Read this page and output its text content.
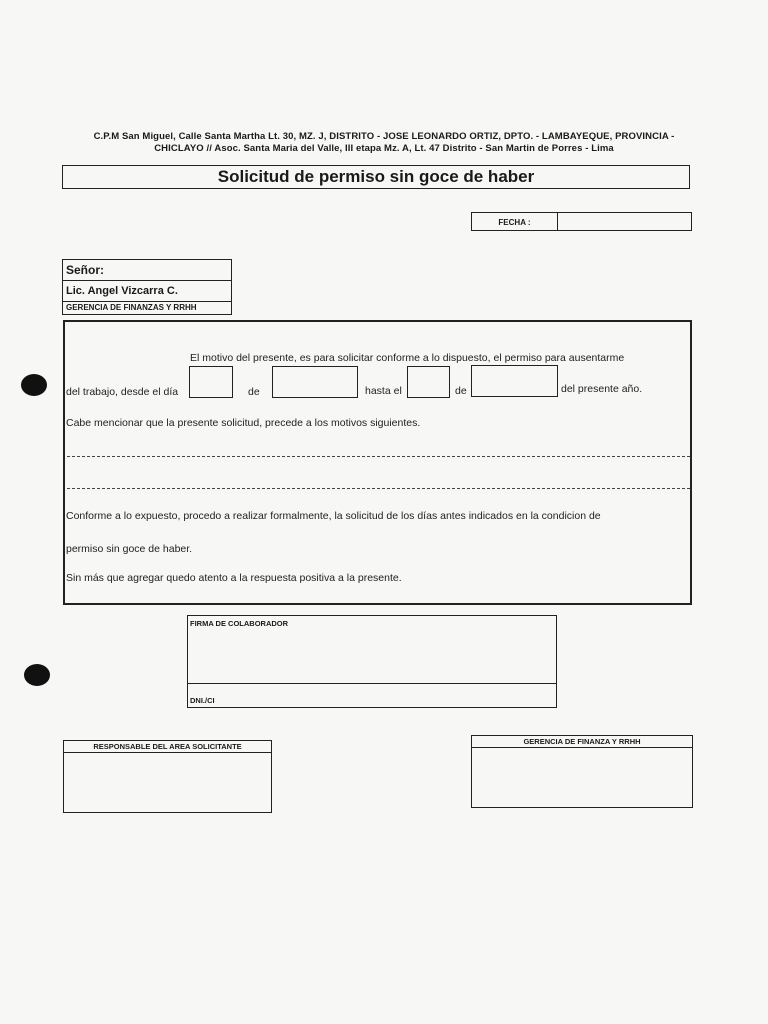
C.P.M San Miguel, Calle Santa Martha Lt. 30, MZ. J, DISTRITO - JOSE LEONARDO ORTIZ, DPTO. - LAMBAYEQUE, PROVINCIA -
CHICLAYO // Asoc. Santa Maria del Valle, III etapa Mz. A, Lt. 47 Distrito - San Martin de Porres - Lima
Solicitud de permiso sin goce de haber
FECHA :
Señor:
Lic. Angel Vizcarra C.
GERENCIA DE FINANZAS Y RRHH
El motivo del presente, es para solicitar conforme a lo dispuesto, el permiso para ausentarme
del trabajo, desde el día	de	hasta el	de	del presente año.
Cabe mencionar que la presente solicitud, precede a los motivos siguientes.
Conforme a lo expuesto, procedo a realizar formalmente, la solicitud de los días antes indicados en la condicion de
permiso sin goce de haber.
Sin más que agregar quedo atento a la respuesta positiva a la presente.
FIRMA DE COLABORADOR
DNI./CI
RESPONSABLE DEL AREA SOLICITANTE
GERENCIA DE FINANZA Y RRHH
